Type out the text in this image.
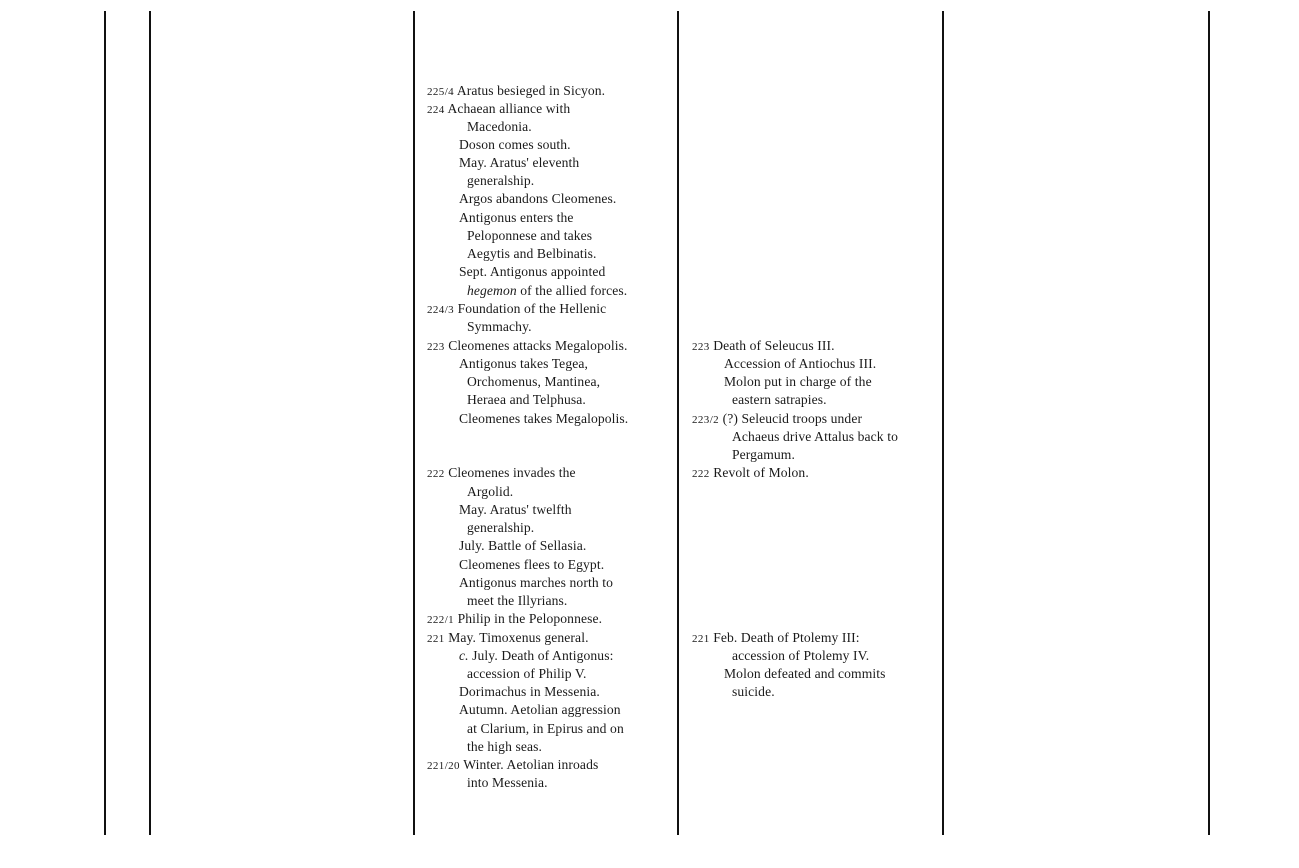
225/4 Aratus besieged in Sicyon.
224 Achaean alliance with
Macedonia.
Doson comes south.
May. Aratus' eleventh
generalship.
Argos abandons Cleomenes.
Antigonus enters the
Peloponnese and takes
Aegytis and Belbinatis.
Sept. Antigonus appointed
hegemon of the allied forces.
224/3 Foundation of the Hellenic
Symmachy.
223 Cleomenes attacks Megalopolis.
Antigonus takes Tegea,
Orchomenus, Mantinea,
Heraea and Telphusa.
Cleomenes takes Megalopolis.
222 Cleomenes invades the
Argolid.
May. Aratus' twelfth
generalship.
July. Battle of Sellasia.
Cleomenes flees to Egypt.
Antigonus marches north to
meet the Illyrians.
222/1 Philip in the Peloponnese.
221 May. Timoxenus general.
c. July. Death of Antigonus:
accession of Philip V.
Dorimachus in Messenia.
Autumn. Aetolian aggression
at Clarium, in Epirus and on
the high seas.
221/20 Winter. Aetolian inroads
into Messenia.
223 Death of Seleucus III.
Accession of Antiochus III.
Molon put in charge of the
eastern satrapies.
223/2 (?) Seleucid troops under
Achaeus drive Attalus back to
Pergamum.
222 Revolt of Molon.
221 Feb. Death of Ptolemy III:
accession of Ptolemy IV.
Molon defeated and commits
suicide.
